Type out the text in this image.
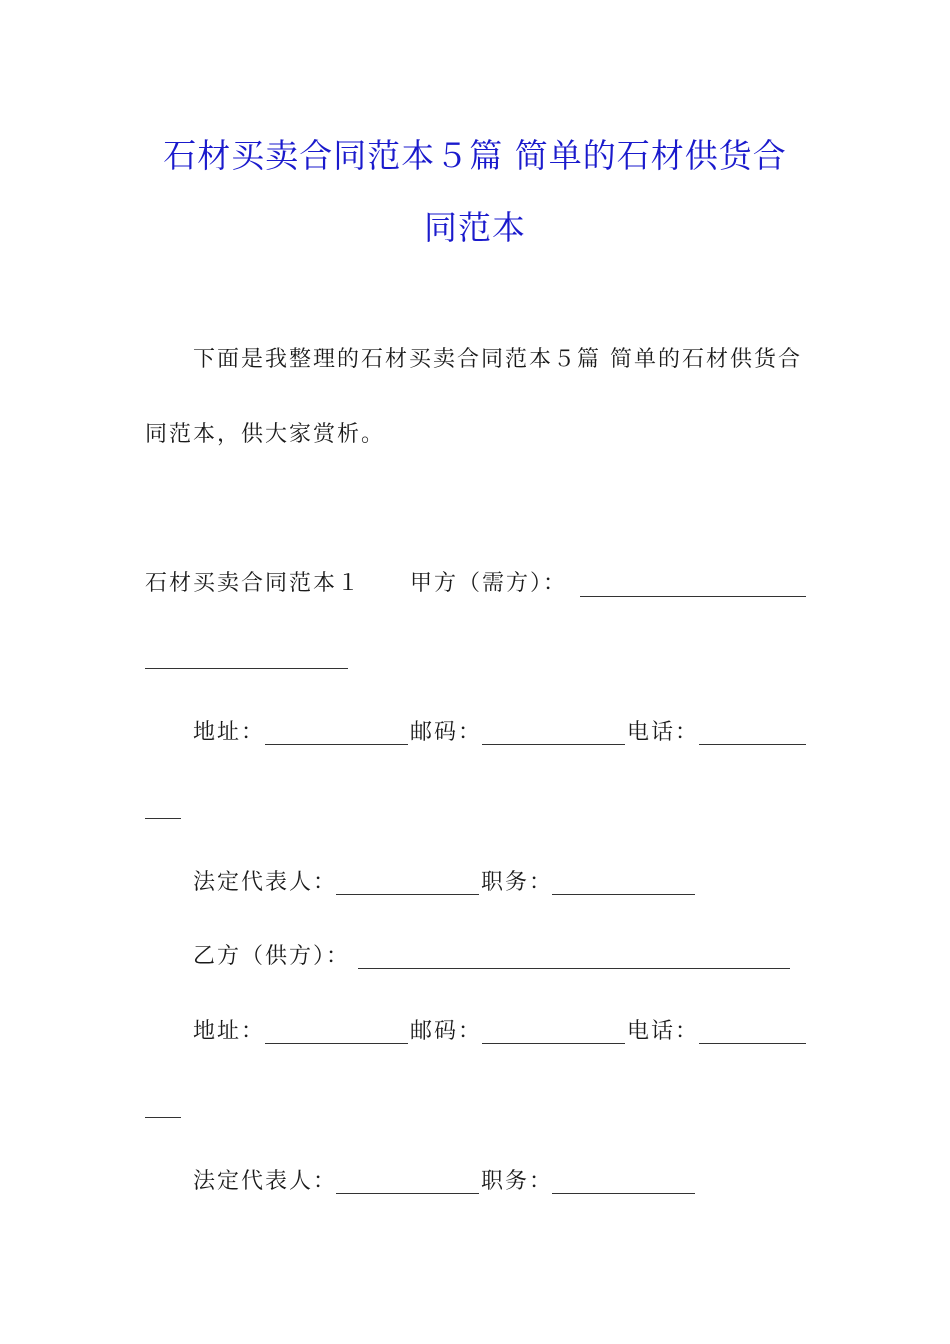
石材买卖合同范本５篇 简单的石材供货合
同范本
下面是我整理的石材买卖合同范本５篇 简单的石材供货合
同范本，供大家赏析。
石材买卖合同范本１ 甲方（需方）：
地址：	邮码：	电话：
法定代表人：	职务：
乙方（供方）：
地址：	邮码：	电话：
法定代表人：	职务：
